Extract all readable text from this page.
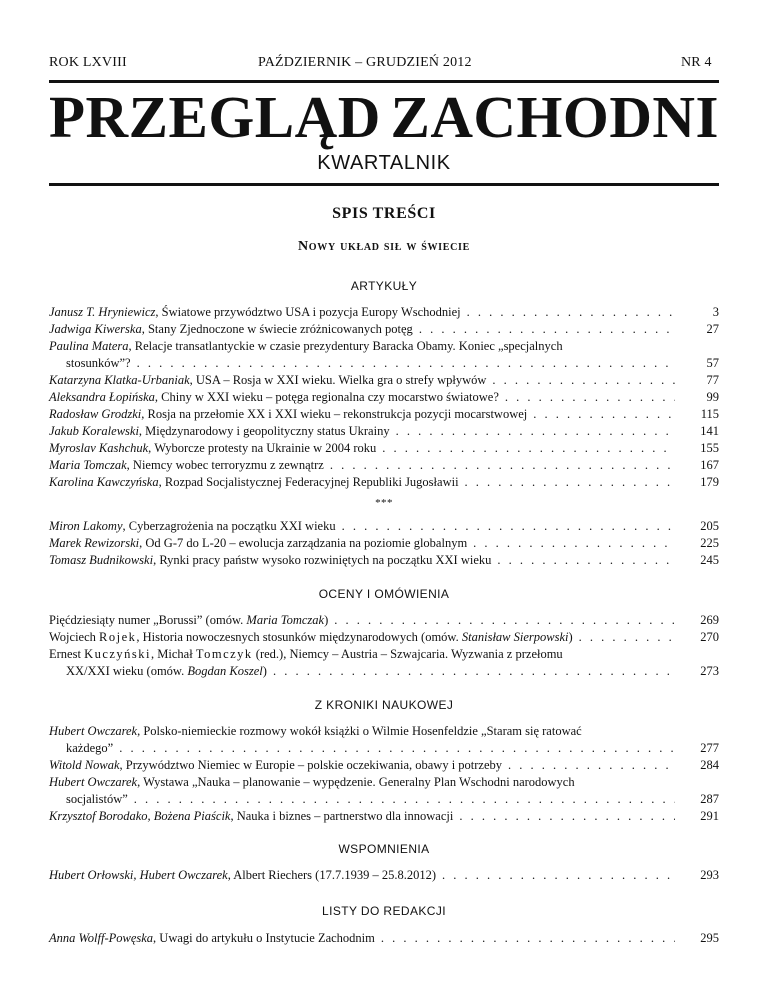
ROK LXVIII	PAŹDZIERNIK – GRUDZIEŃ 2012	NR 4
PRZEGLĄD ZACHODNI
KWARTALNIK
SPIS TREŚCI
Nowy układ sił w świecie
ARTYKUŁY
Janusz T. Hryniewicz, Światowe przywództwo USA i pozycja Europy Wschodniej . . .	3
Jadwiga Kiwerska, Stany Zjednoczone w świecie zróżnicowanych potęg . . .	27
Paulina Matera, Relacje transatlantyckie w czasie prezydentury Baracka Obamy. Koniec „specjalnych
stosunków”? . . .	57
Katarzyna Klatka-Urbaniak, USA – Rosja w XXI wieku. Wielka gra o strefy wpływów . . .	77
Aleksandra Łopińska, Chiny w XXI wieku – potęga regionalna czy mocarstwo światowe? . . .	99
Radosław Grodzki, Rosja na przełomie XX i XXI wieku – rekonstrukcja pozycji mocarstwowej . . .	115
Jakub Koralewski, Międzynarodowy i geopolityczny status Ukrainy . . .	141
Myroslav Kashchuk, Wyborcze protesty na Ukrainie w 2004 roku . . .	155
Maria Tomczak, Niemcy wobec terroryzmu z zewnątrz . . .	167
Karolina Kawczyńska, Rozpad Socjalistycznej Federacyjnej Republiki Jugosławii . . .	179
***
Miron Lakomy, Cyberzagrożenia na początku XXI wieku . . .	205
Marek Rewizorski, Od G-7 do L-20 – ewolucja zarządzania na poziomie globalnym . . .	225
Tomasz Budnikowski, Rynki pracy państw wysoko rozwiniętych na początku XXI wieku . . .	245
OCENY I OMÓWIENIA
Pięćdziesiąty numer „Borussi” (omów. Maria Tomczak) . . .	269
Wojciech Rojek, Historia nowoczesnych stosunków międzynarodowych (omów. Stanisław Sierpowski) . . .	270
Ernest Kuczyński, Michał Tomczyk (red.), Niemcy – Austria – Szwajcaria. Wyzwania z przełomu
XX/XXI wieku (omów. Bogdan Koszel) . . .	273
Z KRONIKI NAUKOWEJ
Hubert Owczarek, Polsko-niemieckie rozmowy wokół książki o Wilmie Hosenfeldzie „Staram się ratować
każdego” . . .	277
Witold Nowak, Przywództwo Niemiec w Europie – polskie oczekiwania, obawy i potrzeby . . .	284
Hubert Owczarek, Wystawa „Nauka – planowanie – wypędzenie. Generalny Plan Wschodni narodowych
socjalistów” . . .	287
Krzysztof Borodako, Bożena Piaścik, Nauka i biznes – partnerstwo dla innowacji . . .	291
WSPOMNIENIA
Hubert Orłowski, Hubert Owczarek, Albert Riechers (17.7.1939 – 25.8.2012) . . .	293
LISTY DO REDAKCJI
Anna Wolff-Powęska, Uwagi do artykułu o Instytucie Zachodnim . . .	295
